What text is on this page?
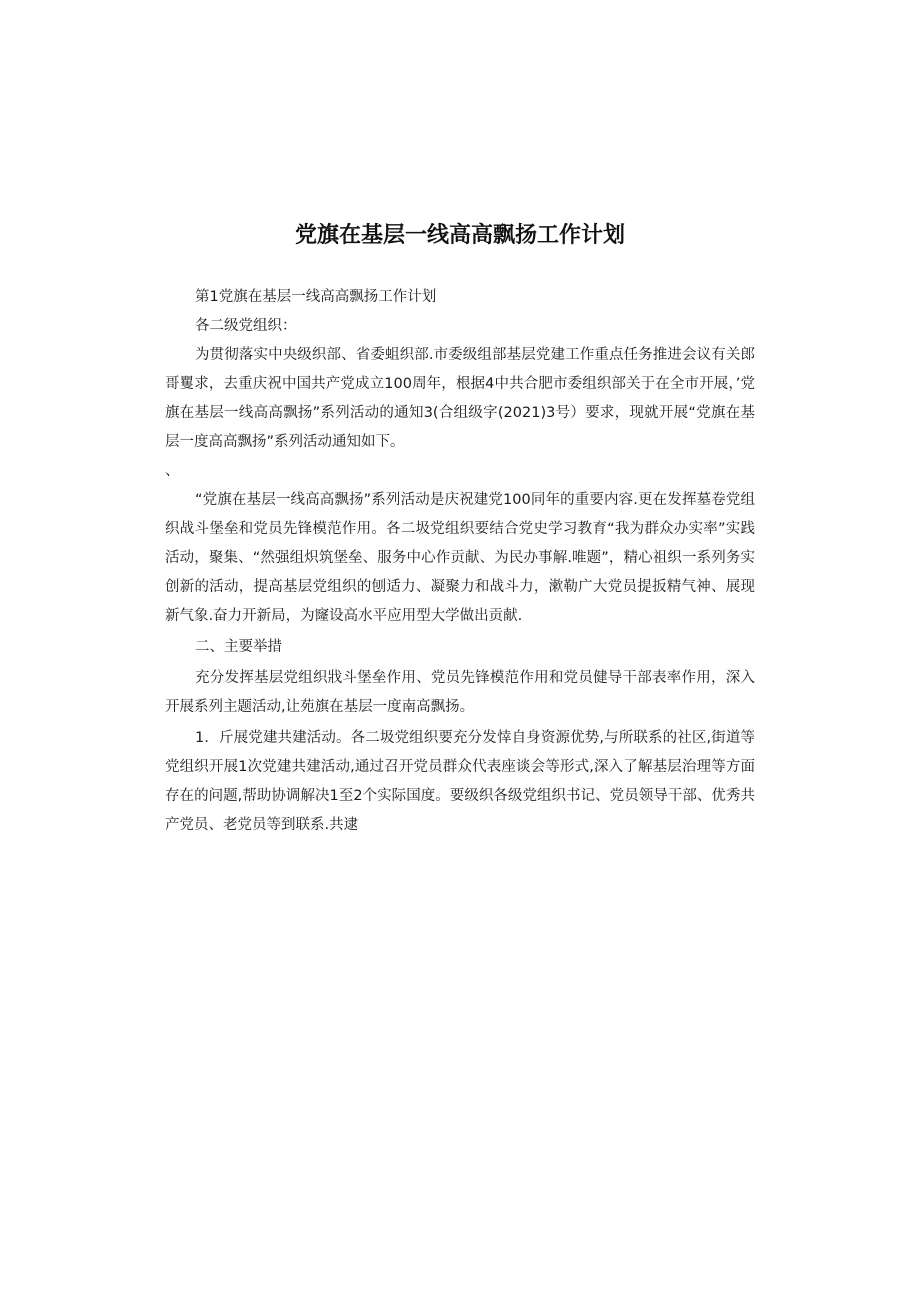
党旗在基层一线高高飘扬工作计划

第1党旗在基层一线高高飘扬工作计划

各二级党组织：

为贯彻落实中央级织部、省委蛆织部.市委级组部基层党建工作重点任务推进会议有关郎哥矍求，去重庆祝中国共产党成立100周年，根据4中共合肥市委组织部关于在全市开展，’党旗在基层一线高高飘扬”系列活动的通知3(合组级字(2021)3号）要求，现就开展“党旗在基层一度高高飘扬”系列活动通知如下。

、

“党旗在基层一线高高飘扬”系列活动是庆祝建党100同年的重要内容.更在发挥墓卷党组织战斗堡垒和党员先锋模范作用。各二圾党组织要结合党史学习教育“我为群众办实率”实践活动，聚集、“然强组炽筑堡垒、服务中心作贡献、为民办事解.唯题”，精心祖织一系列务实创新的活动，提高基层党组织的刨适力、凝聚力和战斗力，漱勒广大党员提扳精气神、展现新气象.奋力开新局，为窿设高水平应用型大学做出贡献.

二、主要举措

充分发挥基层党组织戕斗堡垒作用、党员先锋模范作用和党员健导干部表率作用，深入开展系列主题活动,让苑旗在基层一度南高飘扬。

1．斤展党建共建活动。各二圾党组织要充分发悻自身资源优势,与所联系的社区,街道等党组织开展1次党建共建活动,通过召开党员群众代表座谈会等形式,深入了解基层治理等方面存在的问题,帮助协调解决1至2个实际国度。要级织各级党组织书记、党员领导干部、优秀共产党员、老党员等到联系.共逮
